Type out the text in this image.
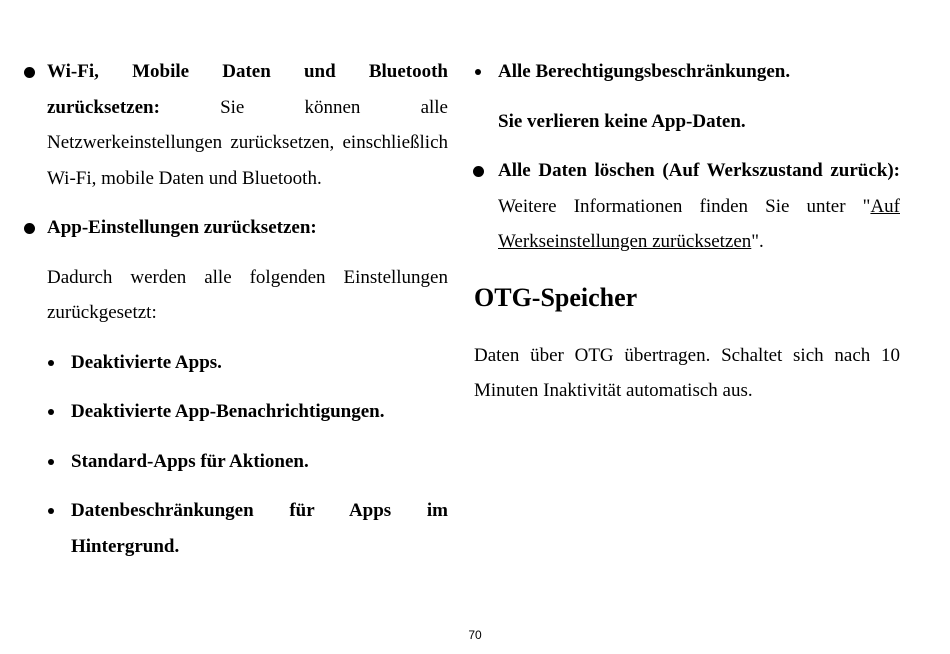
Wi-Fi, Mobile Daten und Bluetooth zurücksetzen: Sie können alle Netzwerkeinstellungen zurücksetzen, einschließlich Wi-Fi, mobile Daten und Bluetooth.
App-Einstellungen zurücksetzen:
Dadurch werden alle folgenden Einstellungen zurückgesetzt:
Deaktivierte Apps.
Deaktivierte App-Benachrichtigungen.
Standard-Apps für Aktionen.
Datenbeschränkungen für Apps im Hintergrund.
Alle Berechtigungsbeschränkungen.
Sie verlieren keine App-Daten.
Alle Daten löschen (Auf Werkszustand zurück): Weitere Informationen finden Sie unter "Auf Werkseinstellungen zurücksetzen".
OTG-Speicher
Daten über OTG übertragen. Schaltet sich nach 10 Minuten Inaktivität automatisch aus.
70
